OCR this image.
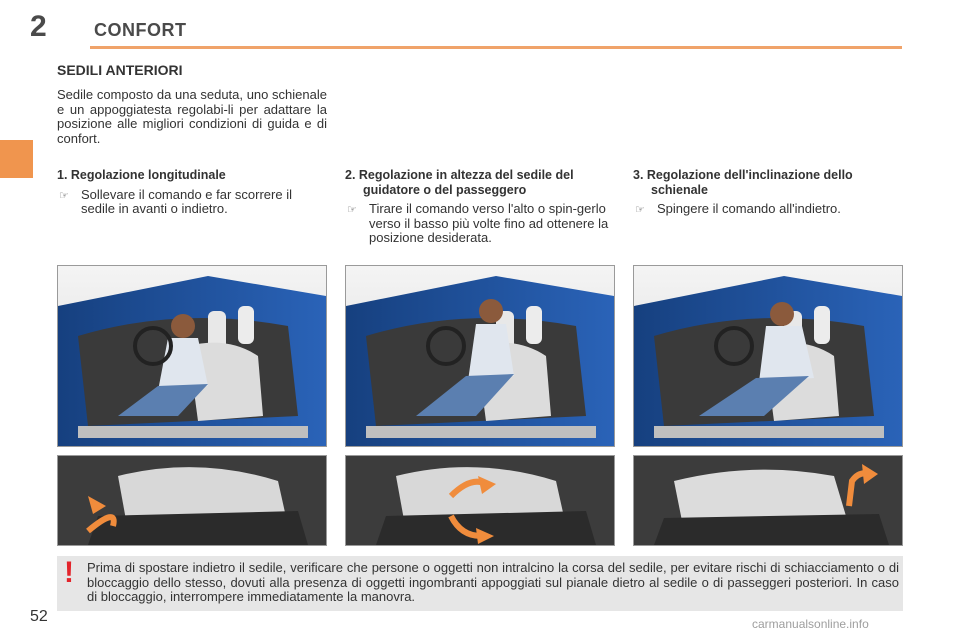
2	CONFORT
SEDILI ANTERIORI
Sedile composto da una seduta, uno schienale e un appoggiatesta regolabi-li per adattare la posizione alle migliori condizioni di guida e di confort.
1. Regolazione longitudinale
☞ Sollevare il comando e far scorrere il sedile in avanti o indietro.
2. Regolazione in altezza del sedile del guidatore o del passeggero
☞ Tirare il comando verso l'alto o spin-gerlo verso il basso più volte fino ad ottenere la posizione desiderata.
3. Regolazione dell'inclinazione dello schienale
☞ Spingere il comando all'indietro.
! Prima di spostare indietro il sedile, verificare che persone o oggetti non intralcino la corsa del sedile, per evitare rischi di schiacciamento o di bloccaggio dello stesso, dovuti alla presenza di oggetti ingombranti appoggiati sul pianale dietro al sedile o di passeggeri posteriori. In caso di bloccaggio, interrompere immediatamente la manovra.
52	carmanualsonline.info
